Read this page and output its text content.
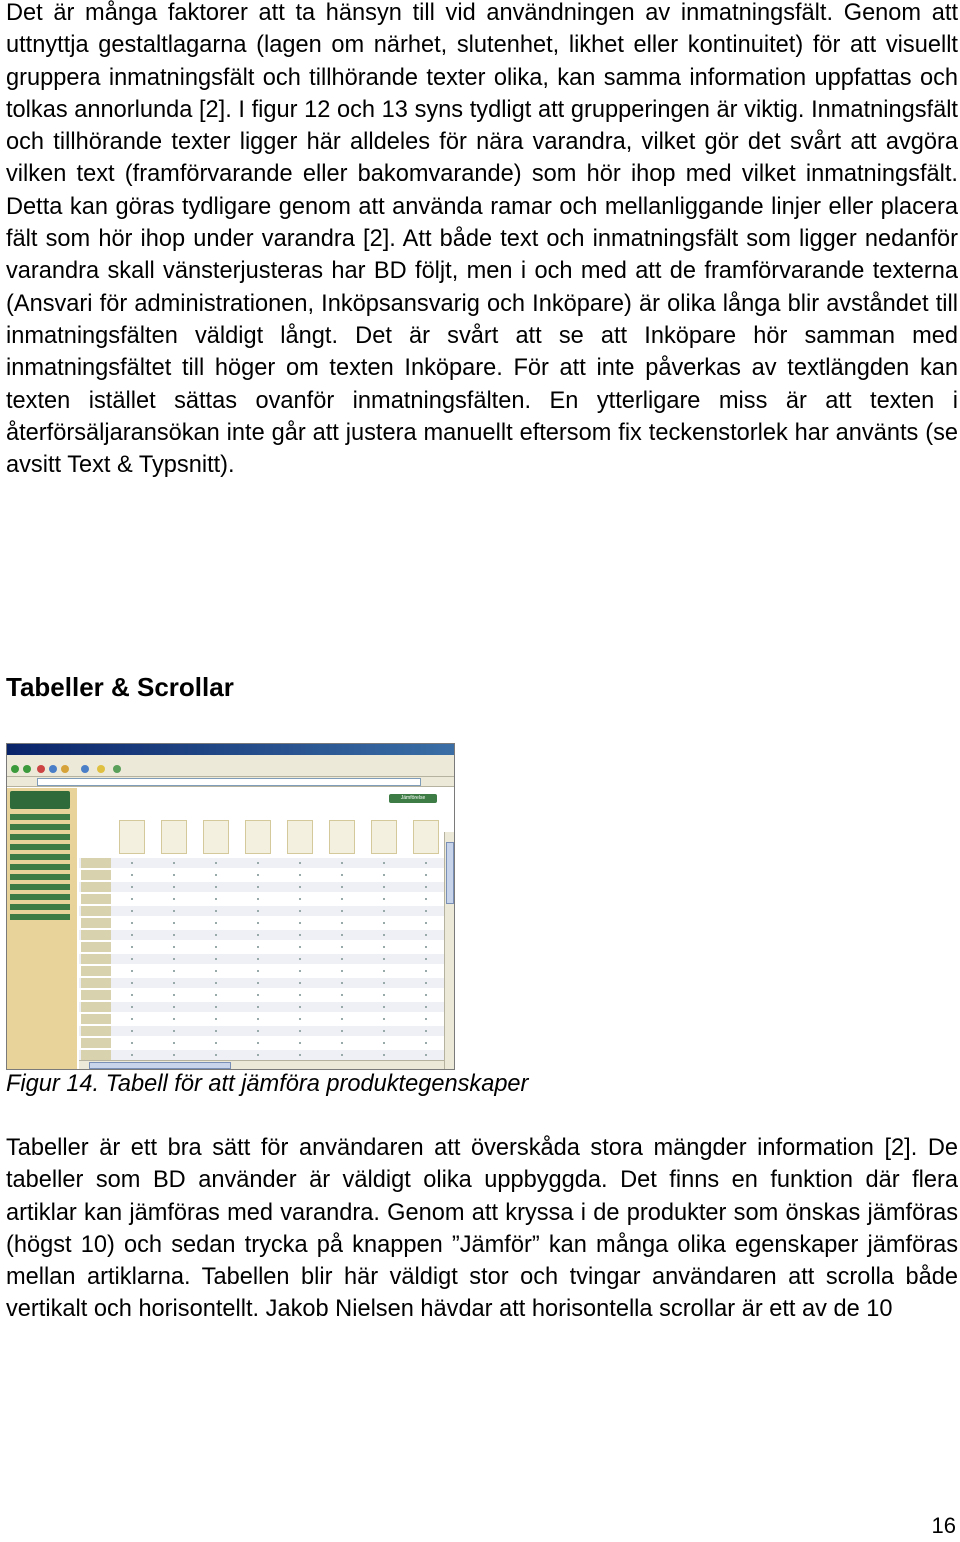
Det är många faktorer att ta hänsyn till vid användningen av inmatningsfält. Genom att uttnyttja gestaltlagarna (lagen om närhet, slutenhet, likhet eller kontinuitet) för att visuellt gruppera inmatningsfält och tillhörande texter olika, kan samma information uppfattas och tolkas annorlunda [2]. I figur 12 och 13 syns tydligt att grupperingen är viktig. Inmatningsfält och tillhörande texter ligger här alldeles för nära varandra, vilket gör det svårt att avgöra vilken text (framförvarande eller bakomvarande) som hör ihop med vilket inmatningsfält. Detta kan göras tydligare genom att använda ramar och mellanliggande linjer eller placera fält som hör ihop under varandra [2]. Att både text och inmatningsfält som ligger nedanför varandra skall vänsterjusteras har BD följt, men i och med att de framförvarande texterna (Ansvari för administrationen, Inköpsansvarig och Inköpare) är olika långa blir avståndet till inmatningsfälten väldigt långt. Det är svårt att se att Inköpare hör samman med inmatningsfältet till höger om texten Inköpare. För att inte påverkas av textlängden kan texten istället sättas ovanför inmatningsfälten. En ytterligare miss är att texten i återförsäljaransökan inte går att justera manuellt eftersom fix teckenstorlek har använts (se avsitt Text & Typsnitt).

Tabeller & Scrollar
Jämförelse

Figur 14. Tabell för att jämföra produktegenskaper

Tabeller är ett bra sätt för användaren att överskåda stora mängder information [2]. De tabeller som BD använder är väldigt olika uppbyggda. Det finns en funktion där flera artiklar kan jämföras med varandra. Genom att kryssa i de produkter som önskas jämföras (högst 10) och sedan trycka på knappen ”Jämför” kan många olika egenskaper jämföras mellan artiklarna. Tabellen blir här väldigt stor och tvingar användaren att scrolla både vertikalt och horisontellt. Jakob Nielsen hävdar att horisontella scrollar är ett av de 10

16
